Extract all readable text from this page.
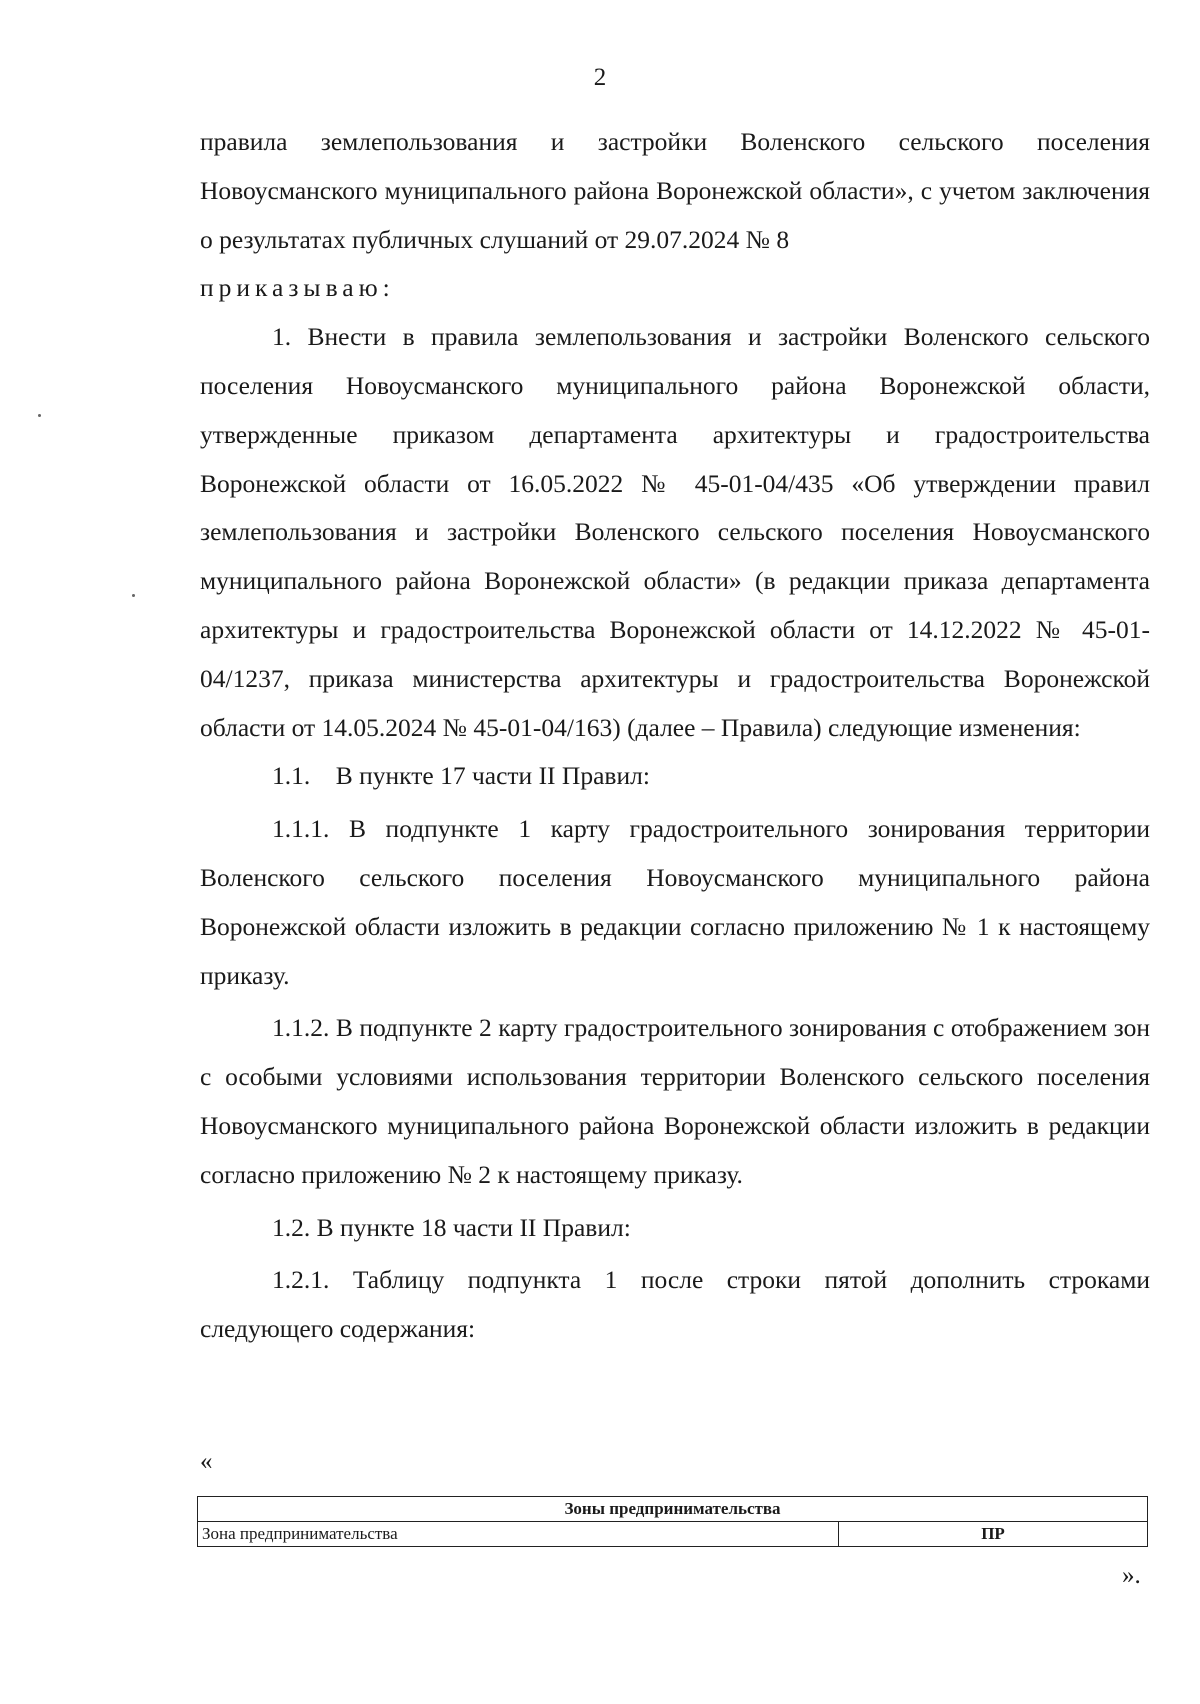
2

правила землепользования и застройки Воленского сельского поселения Новоусманского муниципального района Воронежской области», с учетом заключения о результатах публичных слушаний от 29.07.2024 № 8

приказываю:

1. Внести в правила землепользования и застройки Воленского сельского поселения Новоусманского муниципального района Воронежской области, утвержденные приказом департамента архитектуры и градостроительства Воронежской области от 16.05.2022 № 45-01-04/435 «Об утверждении правил землепользования и застройки Воленского сельского поселения Новоусманского муниципального района Воронежской области» (в редакции приказа департамента архитектуры и градостроительства Воронежской области от 14.12.2022 № 45-01-04/1237, приказа министерства архитектуры и градостроительства Воронежской области от 14.05.2024 № 45-01-04/163) (далее – Правила) следующие изменения:

1.1.    В пункте 17 части II Правил:

1.1.1. В подпункте 1 карту градостроительного зонирования территории Воленского сельского поселения Новоусманского муниципального района Воронежской области изложить в редакции согласно приложению № 1 к настоящему приказу.

1.1.2. В подпункте 2 карту градостроительного зонирования с отображением зон с особыми условиями использования территории Воленского сельского поселения Новоусманского муниципального района Воронежской области изложить в редакции согласно приложению № 2 к настоящему приказу.

1.2. В пункте 18 части II Правил:

1.2.1. Таблицу подпункта 1 после строки пятой дополнить строками следующего содержания:

«
Зоны предпринимательства
Зона предпринимательства	ПР
».
